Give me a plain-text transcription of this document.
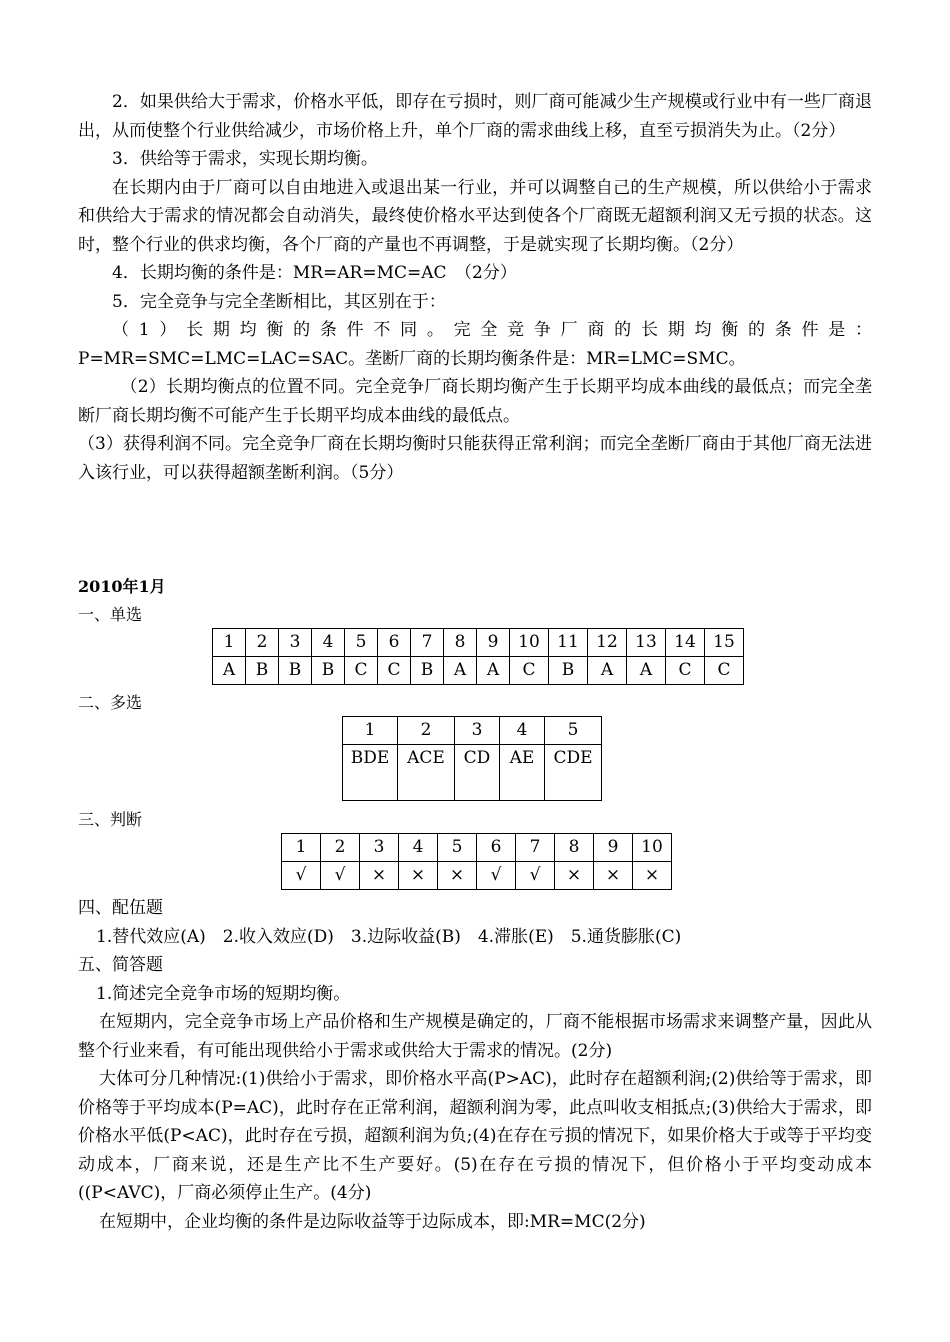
2．如果供给大于需求，价格水平低，即存在亏损时，则厂商可能减少生产规模或行业中有一些厂商退出，从而使整个行业供给减少，市场价格上升，单个厂商的需求曲线上移，直至亏损消失为止。（2分）

3．供给等于需求，实现长期均衡。

在长期内由于厂商可以自由地进入或退出某一行业，并可以调整自己的生产规模，所以供给小于需求和供给大于需求的情况都会自动消失，最终使价格水平达到使各个厂商既无超额利润又无亏损的状态。这时，整个行业的供求均衡，各个厂商的产量也不再调整，于是就实现了长期均衡。（2分）

4．长期均衡的条件是：MR=AR=MC=AC　（2分）

5．完全竞争与完全垄断相比，其区别在于：

（1）长期均衡的条件不同。完全竞争厂商的长期均衡的条件是：

P=MR=SMC=LMC=LAC=SAC。垄断厂商的长期均衡条件是：MR=LMC=SMC。

（2）长期均衡点的位置不同。完全竞争厂商长期均衡产生于长期平均成本曲线的最低点；而完全垄断厂商长期均衡不可能产生于长期平均成本曲线的最低点。

（3）获得利润不同。完全竞争厂商在长期均衡时只能获得正常利润；而完全垄断厂商由于其他厂商无法进入该行业，可以获得超额垄断利润。（5分）

2010年1月

一、单选

1	2	3	4	5	6	7	8	9	10	11	12	13	14	15
A	B	B	B	C	C	B	A	A	C	B	A	A	C	C

二、多选

1	2	3	4	5
BDE	ACE	CD	AE	CDE

三、判断

1	2	3	4	5	6	7	8	9	10
√	√	×	×	×	√	√	×	×	×

四、配伍题

1.替代效应(A)　2.收入效应(D)　3.边际收益(B)　4.滞胀(E)　5.通货膨胀(C)

五、简答题

1.简述完全竞争市场的短期均衡。

在短期内，完全竞争市场上产品价格和生产规模是确定的，厂商不能根据市场需求来调整产量，因此从整个行业来看，有可能出现供给小于需求或供给大于需求的情况。(2分)

大体可分几种情况:(1)供给小于需求，即价格水平高(P>AC)，此时存在超额利润;(2)供给等于需求，即价格等于平均成本(P=AC)，此时存在正常利润，超额利润为零，此点叫收支相抵点;(3)供给大于需求，即价格水平低(P<AC)，此时存在亏损，超额利润为负;(4)在存在亏损的情况下，如果价格大于或等于平均变动成本，厂商来说，还是生产比不生产要好。(5)在存在亏损的情况下，但价格小于平均变动成本((P<AVC)，厂商必须停止生产。(4分)

在短期中，企业均衡的条件是边际收益等于边际成本，即:MR=MC(2分)
